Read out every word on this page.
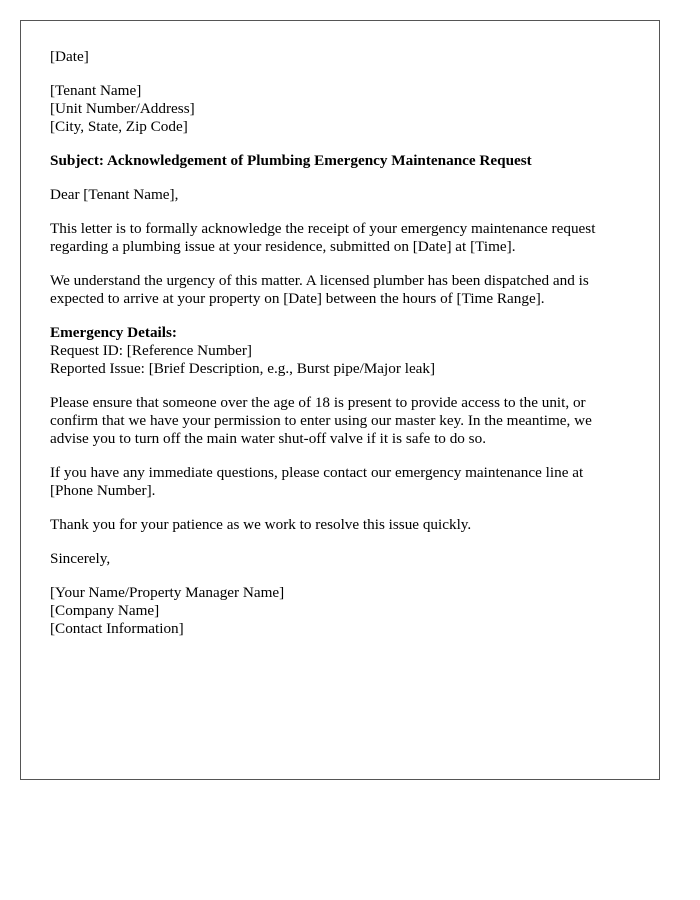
[Date]
[Tenant Name]
[Unit Number/Address]
[City, State, Zip Code]
Subject: Acknowledgement of Plumbing Emergency Maintenance Request
Dear [Tenant Name],
This letter is to formally acknowledge the receipt of your emergency maintenance request
regarding a plumbing issue at your residence, submitted on [Date] at [Time].
We understand the urgency of this matter. A licensed plumber has been dispatched and is
expected to arrive at your property on [Date] between the hours of [Time Range].
Emergency Details:
Request ID: [Reference Number]
Reported Issue: [Brief Description, e.g., Burst pipe/Major leak]
Please ensure that someone over the age of 18 is present to provide access to the unit, or
confirm that we have your permission to enter using our master key. In the meantime, we
advise you to turn off the main water shut-off valve if it is safe to do so.
If you have any immediate questions, please contact our emergency maintenance line at
[Phone Number].
Thank you for your patience as we work to resolve this issue quickly.
Sincerely,
[Your Name/Property Manager Name]
[Company Name]
[Contact Information]
